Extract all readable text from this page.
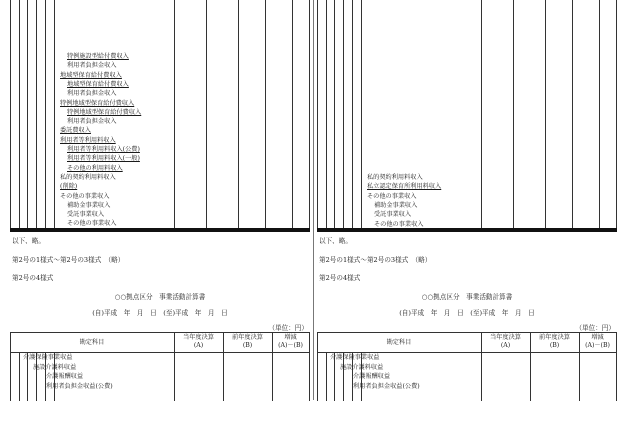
特例施設型給付費収入
利用者負担金収入
地域型保育給付費収入
地域型保育給付費収入
利用者負担金収入
特例地域型保育給付費収入
特例地域型保育給付費収入
利用者負担金収入
委託費収入
利用者等利用料収入
利用者等利用料収入(公費)
利用者等利用料収入(一般)
その他の利用料収入
私的契約利用料収入
(削除)
その他の事業収入
補助金事業収入
受託事業収入
その他の事業収入
以下、略。
第2号の1様式～第2号の3様式　（略）
第2号の4様式
○○拠点区分　事業活動計算書
(自)平成　年　月　日　(至)平成　年　月　日
（単位：円）
勘定科目
当年度決算
(A)
前年度決算
(B)
増減
(A)－(B)
介護保険事業収益
施設介護料収益
介護報酬収益
利用者負担金収益(公費)
私的契約利用料収入
私立認定保育所利用料収入
その他の事業収入
補助金事業収入
受託事業収入
その他の事業収入
以下、略。
第2号の1様式～第2号の3様式　（略）
第2号の4様式
○○拠点区分　事業活動計算書
(自)平成　年　月　日　(至)平成　年　月　日
（単位：円）
勘定科目
当年度決算
(A)
前年度決算
(B)
増減
(A)－(B)
介護保険事業収益
施設介護料収益
介護報酬収益
利用者負担金収益(公費)
